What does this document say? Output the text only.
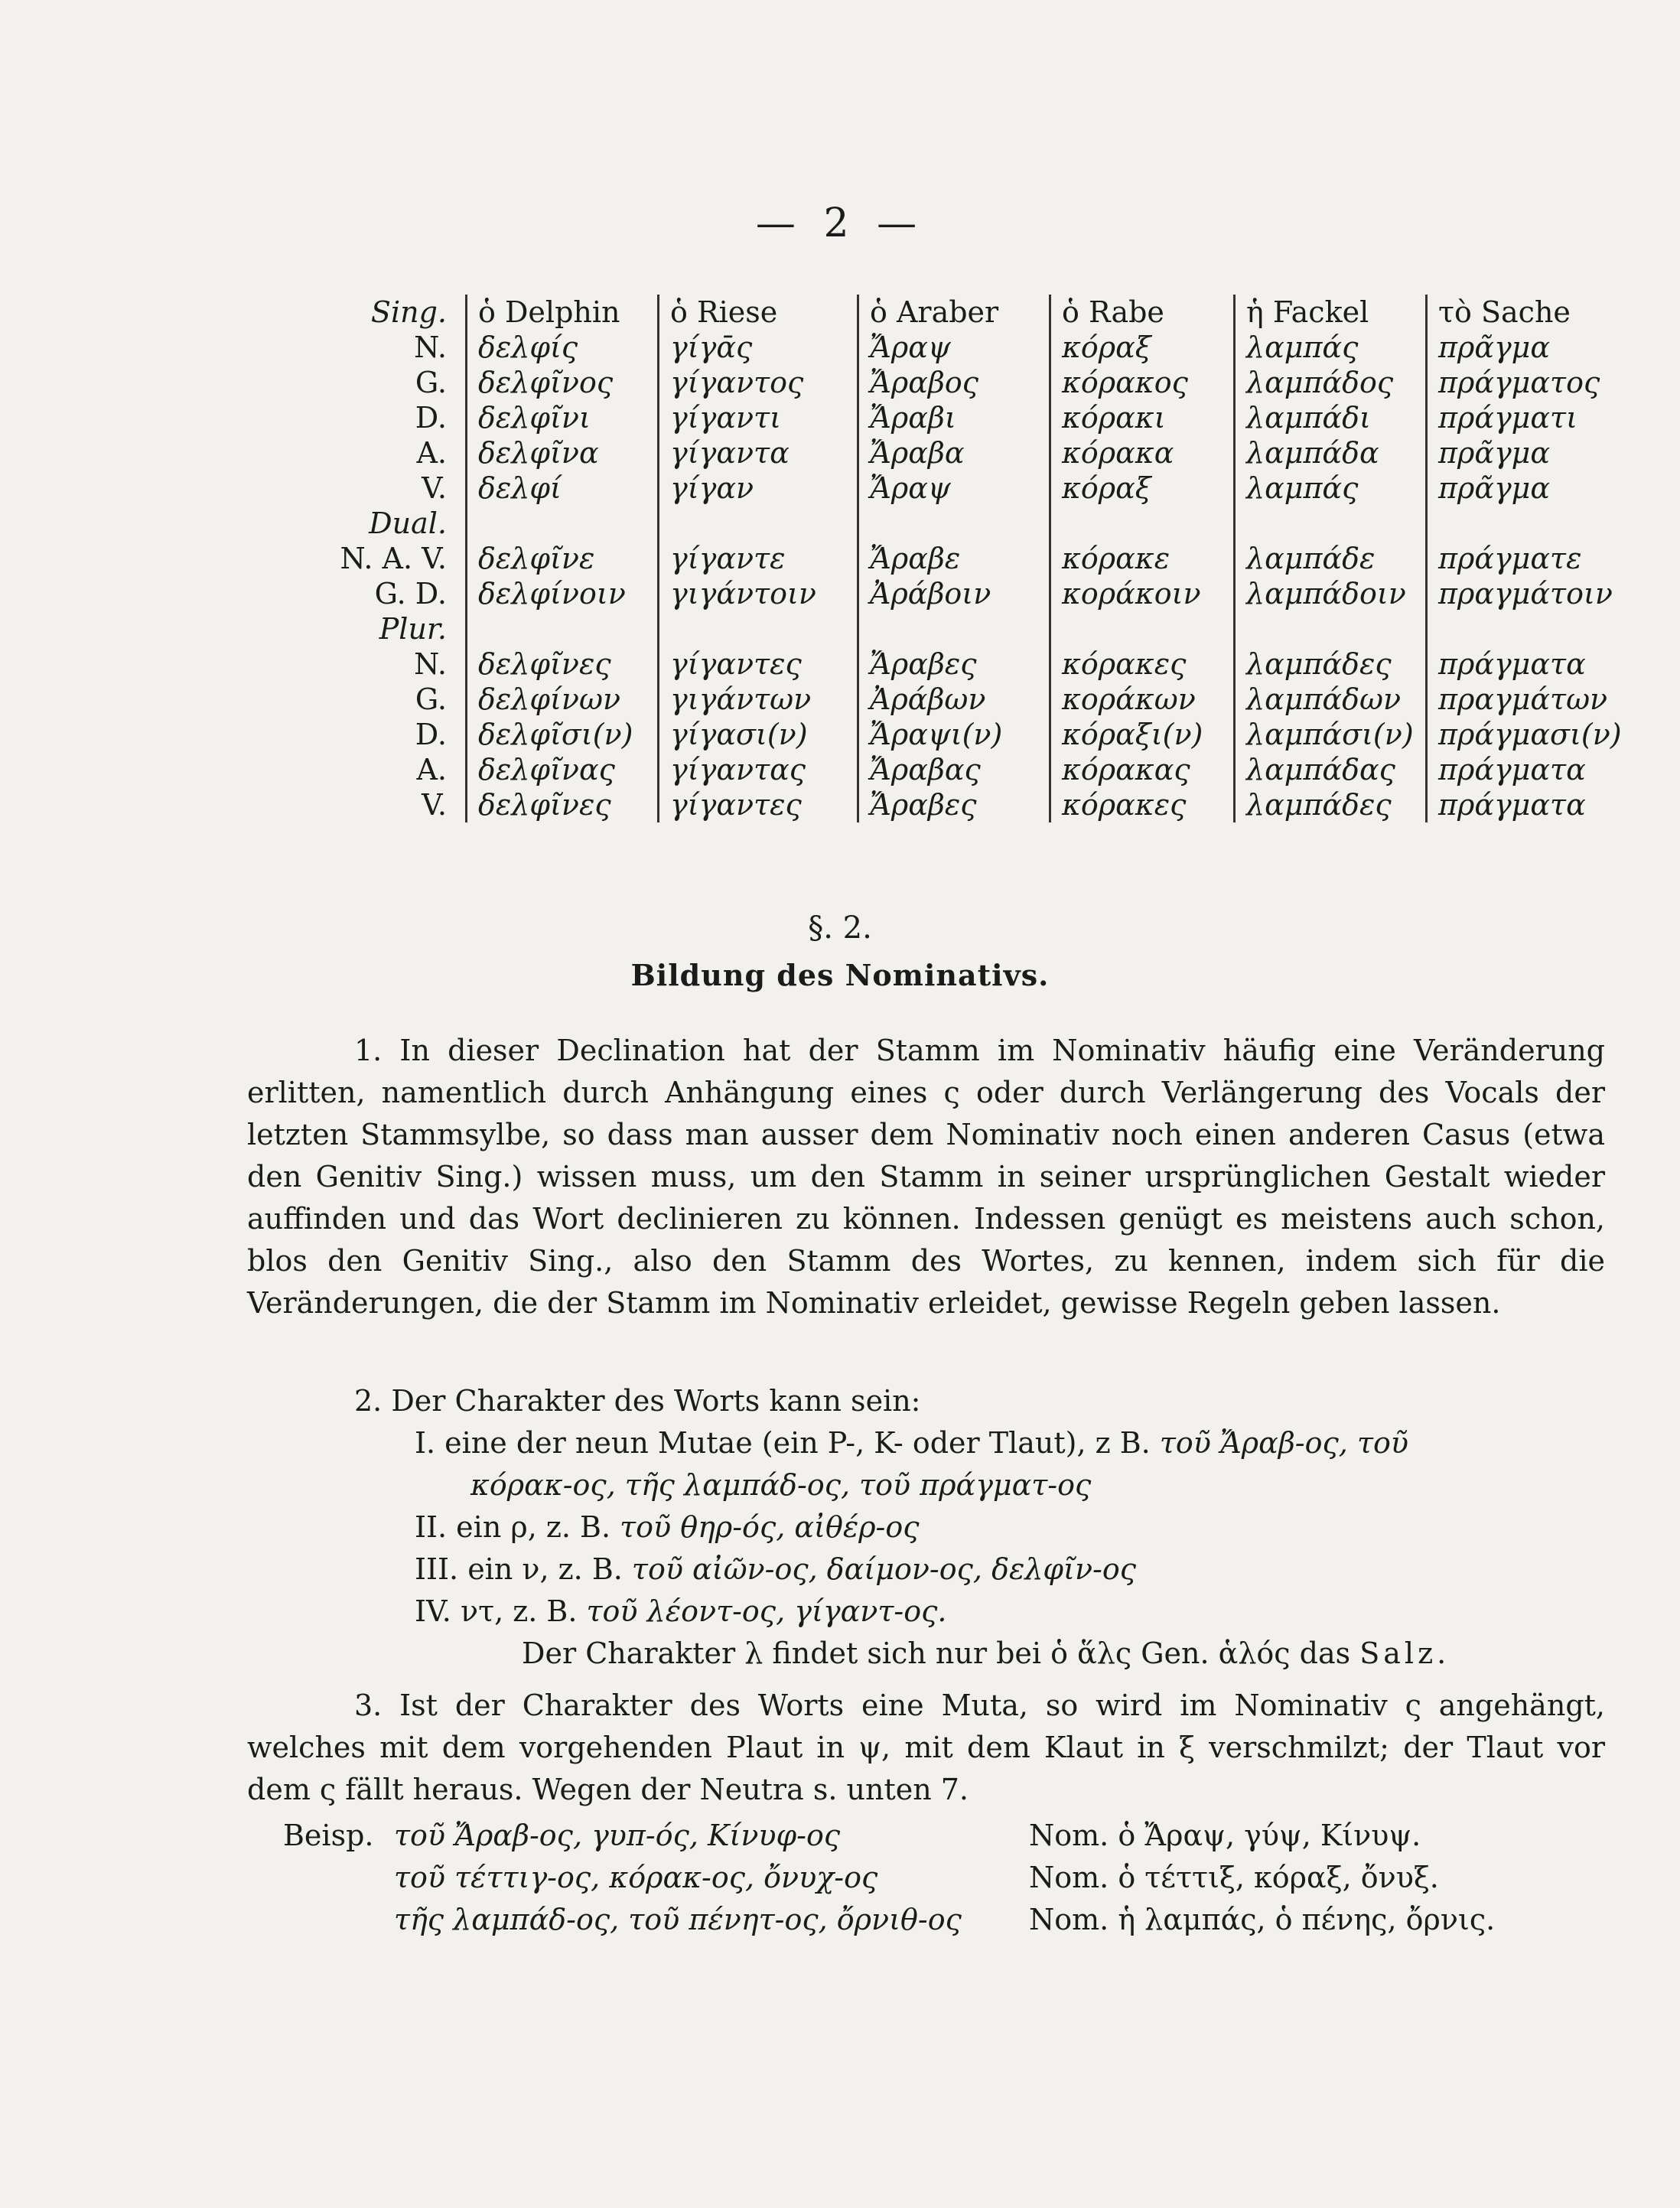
— 2 —
Sing.	ὁ Delphin	ὁ Riese	ὁ Araber	ὁ Rabe	ἡ Fackel	τὸ Sache
N.	δελφίς	γίγᾱς	Ἄραψ	κόραξ	λαμπάς	πρᾶγμα
G.	δελφῖνος	γίγαντος	Ἄραβος	κόρακος	λαμπάδος	πράγματος
D.	δελφῖνι	γίγαντι	Ἄραβι	κόρακι	λαμπάδι	πράγματι
A.	δελφῖνα	γίγαντα	Ἄραβα	κόρακα	λαμπάδα	πρᾶγμα
V.	δελφί	γίγαν	Ἄραψ	κόραξ	λαμπάς	πρᾶγμα
Dual.						
N. A. V.	δελφῖνε	γίγαντε	Ἄραβε	κόρακε	λαμπάδε	πράγματε
G. D.	δελφίνοιν	γιγάντοιν	Ἀράβοιν	κοράκοιν	λαμπάδοιν	πραγμάτοιν
Plur.						
N.	δελφῖνες	γίγαντες	Ἄραβες	κόρακες	λαμπάδες	πράγματα
G.	δελφίνων	γιγάντων	Ἀράβων	κοράκων	λαμπάδων	πραγμάτων
D.	δελφῖσι(ν)	γίγασι(ν)	Ἄραψι(ν)	κόραξι(ν)	λαμπάσι(ν)	πράγμασι(ν)
A.	δελφῖνας	γίγαντας	Ἄραβας	κόρακας	λαμπάδας	πράγματα
V.	δελφῖνες	γίγαντες	Ἄραβες	κόρακες	λαμπάδες	πράγματα
§. 2.
Bildung des Nominativs.

1. In dieser Declination hat der Stamm im Nominativ häufig eine Veränderung erlitten, namentlich durch Anhängung eines ς oder durch Verlängerung des Vocals der letzten Stammsylbe, so dass man ausser dem Nominativ noch einen anderen Casus (etwa den Genitiv Sing.) wissen muss, um den Stamm in seiner ursprünglichen Gestalt wieder auffinden und das Wort declinieren zu können. Indessen genügt es meistens auch schon, blos den Genitiv Sing., also den Stamm des Wortes, zu kennen, indem sich für die Veränderungen, die der Stamm im Nominativ erleidet, gewisse Regeln geben lassen.

2. Der Charakter des Worts kann sein:
I. eine der neun Mutae (ein P-, K- oder Tlaut), z B. τοῦ Ἄραβ-ος, τοῦ
κόρακ-ος, τῆς λαμπάδ-ος, τοῦ πράγματ-ος
II. ein ρ, z. B. τοῦ θηρ-ός, αἰθέρ-ος
III. ein ν, z. B. τοῦ αἰῶν-ος, δαίμον-ος, δελφῖν-ος
IV. ντ, z. B. τοῦ λέοντ-ος, γίγαντ-ος.
Der Charakter λ findet sich nur bei ὁ ἅλς Gen. ἁλός das Salz.

3. Ist der Charakter des Worts eine Muta, so wird im Nominativ ς angehängt, welches mit dem vorgehenden Plaut in ψ, mit dem Klaut in ξ verschmilzt; der Tlaut vor dem ς fällt heraus. Wegen der Neutra s. unten 7.

Beisp. τοῦ Ἄραβ-ος, γυπ-ός, Κίνυφ-ος
τοῦ τέττιγ-ος, κόρακ-ος, ὄνυχ-ος
τῆς λαμπάδ-ος, τοῦ πένητ-ος, ὄρνιθ-ος
Nom. ὁ Ἄραψ, γύψ, Κίνυψ.
Nom. ὁ τέττιξ, κόραξ, ὄνυξ.
Nom. ἡ λαμπάς, ὁ πένης, ὄρνις.
